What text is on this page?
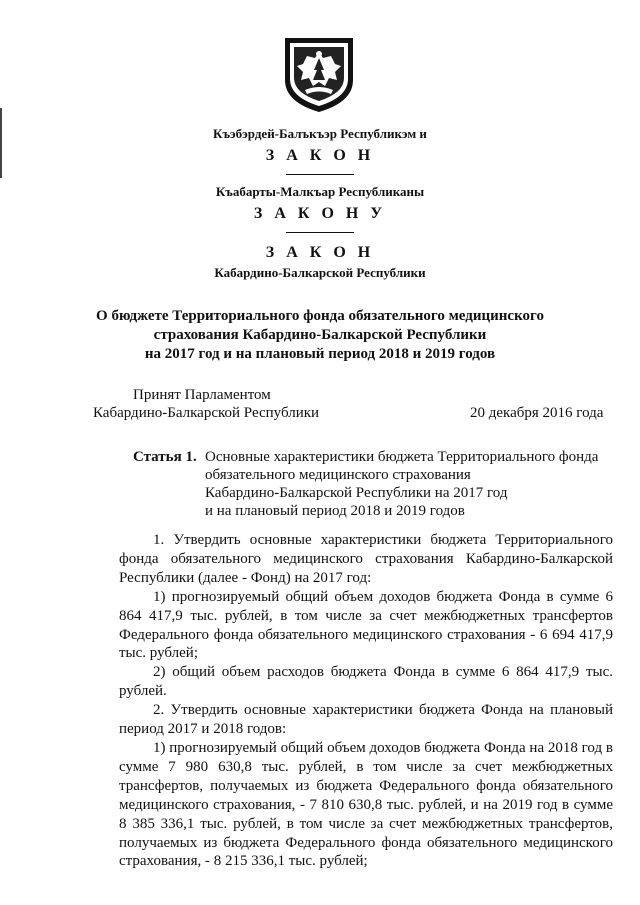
Къэбэрдей-Балъкъэр Республикэм и
З А К О Н
Къабарты-Малкъар Республиканы
З А К О Н У
З А К О Н
Кабардино-Балкарской Республики
О бюджете Территориального фонда обязательного медицинского
страхования Кабардино-Балкарской Республики
на 2017 год и на плановый период 2018 и 2019 годов
Принят Парламентом
Кабардино-Балкарской Республики	20 декабря 2016 года
Статья 1. Основные характеристики бюджета Территориального фонда
обязательного медицинского страхования
Кабардино-Балкарской Республики на 2017 год
и на плановый период 2018 и 2019 годов

1. Утвердить основные характеристики бюджета Территориального фонда обязательного медицинского страхования Кабардино-Балкарской Республики (далее - Фонд) на 2017 год:

1) прогнозируемый общий объем доходов бюджета Фонда в сумме 6 864 417,9 тыс. рублей, в том числе за счет межбюджетных трансфертов Федерального фонда обязательного медицинского страхования - 6 694 417,9 тыс. рублей;

2) общий объем расходов бюджета Фонда в сумме 6 864 417,9 тыс. рублей.

2. Утвердить основные характеристики бюджета Фонда на плановый период 2017 и 2018 годов:

1) прогнозируемый общий объем доходов бюджета Фонда на 2018 год в сумме 7 980 630,8 тыс. рублей, в том числе за счет межбюджетных трансфертов, получаемых из бюджета Федерального фонда обязательного медицинского страхования, - 7 810 630,8 тыс. рублей, и на 2019 год в сумме 8 385 336,1 тыс. рублей, в том числе за счет межбюджетных трансфертов, получаемых из бюджета Федерального фонда обязательного медицинского страхования, - 8 215 336,1 тыс. рублей;
